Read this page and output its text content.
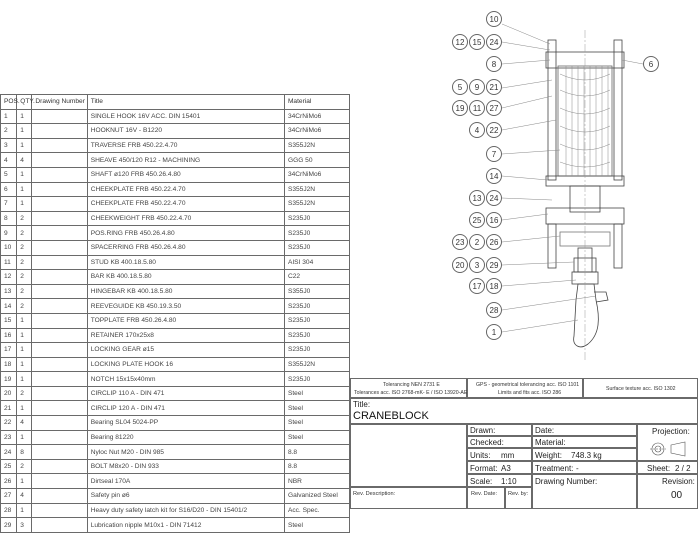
10
12	15	24
8	6
5	9	21
19	11	27
4	22
7
14
13	24
25	16
23	2	26
20	3	29
17	18
28
1
POS.	QTY.	Drawing Number	Title	Material
1	1		SINGLE HOOK 16V ACC. DIN 15401	34CrNiMo6
2	1		HOOKNUT 16V - B1220	34CrNiMo6
3	1		TRAVERSE FRB 450.22.4.70	S355J2N
4	4		SHEAVE 450/120 R12 - MACHINING	GGG 50
5	1		SHAFT ø120 FRB 450.26.4.80	34CrNiMo6
6	1		CHEEKPLATE FRB 450.22.4.70	S355J2N
7	1		CHEEKPLATE FRB 450.22.4.70	S355J2N
8	2		CHEEKWEIGHT FRB 450.22.4.70	S235J0
9	2		POS.RING FRB 450.26.4.80	S235J0
10	2		SPACERRING FRB 450.26.4.80	S235J0
11	2		STUD KB 400.18.5.80	AISI 304
12	2		BAR KB 400.18.5.80	C22
13	2		HINGEBAR KB 400.18.5.80	S355J0
14	2		REEVEGUIDE KB 450.19.3.50	S235J0
15	1		TOPPLATE FRB 450.26.4.80	S235J0
16	1		RETAINER 170x25x8	S235J0
17	1		LOCKING GEAR ø15	S235J0
18	1		LOCKING PLATE HOOK 16	S355J2N
19	1		NOTCH 15x15x40mm	S235J0
20	2		CIRCLIP 110 A - DIN 471	Steel
21	1		CIRCLIP 120 A - DIN 471	Steel
22	4		Bearing SL04 5024-PP	Steel
23	1		Bearing 81220	Steel
24	8		Nyloc Nut M20 - DIN 985	8.8
25	2		BOLT M8x20 - DIN 933	8.8
26	1		Dirtseal 170A	NBR
27	4		Safety pin ø6	Galvanized Steel
28	1		Heavy duty safety latch kit for S16/D20 - DIN 15401/2	Acc. Spec.
29	3		Lubrication nipple M10x1 - DIN 71412	Steel
Tolerancing NEN 2731 E
Tolerances acc. ISO 2768-mK- E / ISO 13920-AE
GPS - geometrical tolerancing acc. ISO 1101
Limits and fits acc. ISO 286
Surface texture acc. ISO 1302
Title:
CRANEBLOCK
Drawn:
Checked:
Units: mm
Format: A3
Scale: 1:10
Date:
Material:
Weight: 748.3 kg
Treatment: -
Projection:
Sheet: 2 / 2
Drawing Number:	Revision:
00
Rev. Description:	Rev. Date: Rev. by:
